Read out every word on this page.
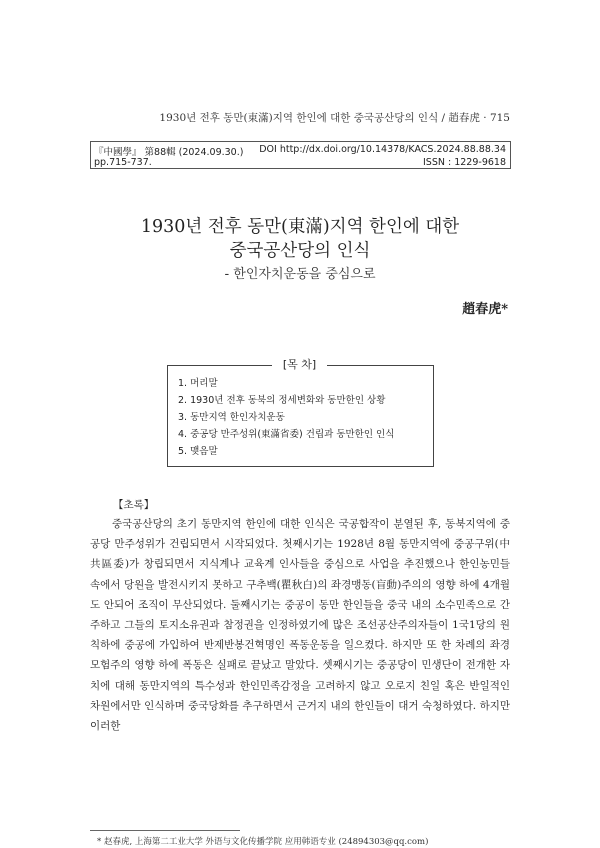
1930년 전후 동만(東滿)지역 한인에 대한 중국공산당의 인식 / 趙春虎 · 715
『中國學』 第88輯 (2024.09.30.)
pp.715-737.
DOI http://dx.doi.org/10.14378/KACS.2024.88.88.34
ISSN : 1229-9618
1930년 전후 동만(東滿)지역 한인에 대한
중국공산당의 인식
- 한인자치운동을 중심으로
趙春虎*
[목 차]
1. 머리말
2. 1930년 전후 동북의 정세변화와 동만한인 상황
3. 동만지역 한인자치운동
4. 중공당 만주성위(東滿省委) 건립과 동만한인 인식
5. 맺음말
【초록】

중국공산당의 초기 동만지역 한인에 대한 인식은 국공합작이 분열된 후, 동북지역에 중공당 만주성위가 건립되면서 시작되었다. 첫째시기는 1928년 8월 동만지역에 중공구위(中共區委)가 창립되면서 지식계나 교육계 인사들을 중심으로 사업을 추진했으나 한인농민들 속에서 당원을 발전시키지 못하고 구추백(瞿秋白)의 좌경맹동(盲動)주의의 영향 하에 4개월도 안되어 조직이 무산되었다. 둘째시기는 중공이 동만 한인들을 중국 내의 소수민족으로 간주하고 그들의 토지소유권과 참정권을 인정하였기에 많은 조선공산주의자들이 1국1당의 원칙하에 중공에 가입하여 반제반봉건혁명인 폭동운동을 일으켰다. 하지만 또 한 차례의 좌경모험주의 영향 하에 폭동은 실패로 끝났고 말았다. 셋째시기는 중공당이 민생단이 전개한 자치에 대해 동만지역의 특수성과 한인민족감정을 고려하지 않고 오로지 친일 혹은 반일적인 차원에서만 인식하며 중국당화를 추구하면서 근거지 내의 한인들이 대거 숙청하였다. 하지만 이러한

* 赵春虎, 上海第二工业大学 外语与文化传播学院 应用韩语专业 (24894303@qq.com)
